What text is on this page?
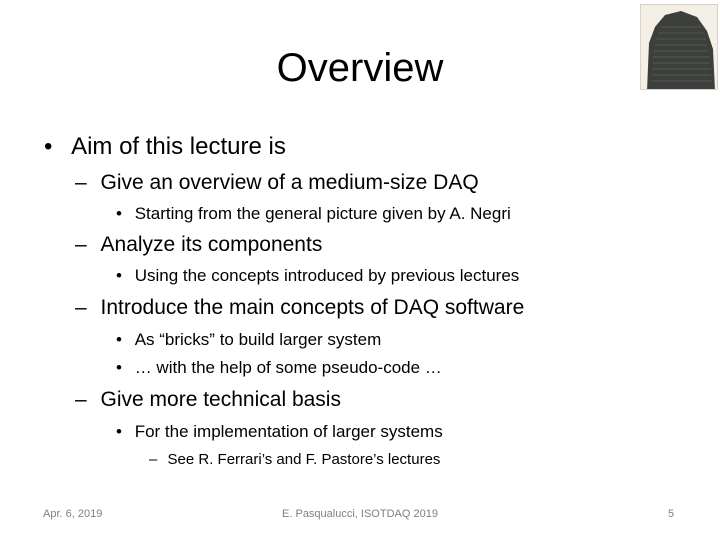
Overview
• Aim of this lecture is
– Give an overview of a medium-size DAQ
• Starting from the general picture given by A. Negri
– Analyze its components
• Using the concepts introduced by previous lectures
– Introduce the main concepts of DAQ software
• As “bricks” to build larger system
• … with the help of some pseudo-code …
– Give more technical basis
• For the implementation of larger systems
– See R. Ferrari’s and F. Pastore’s lectures
Apr. 6, 2019	E. Pasqualucci, ISOTDAQ 2019	5
